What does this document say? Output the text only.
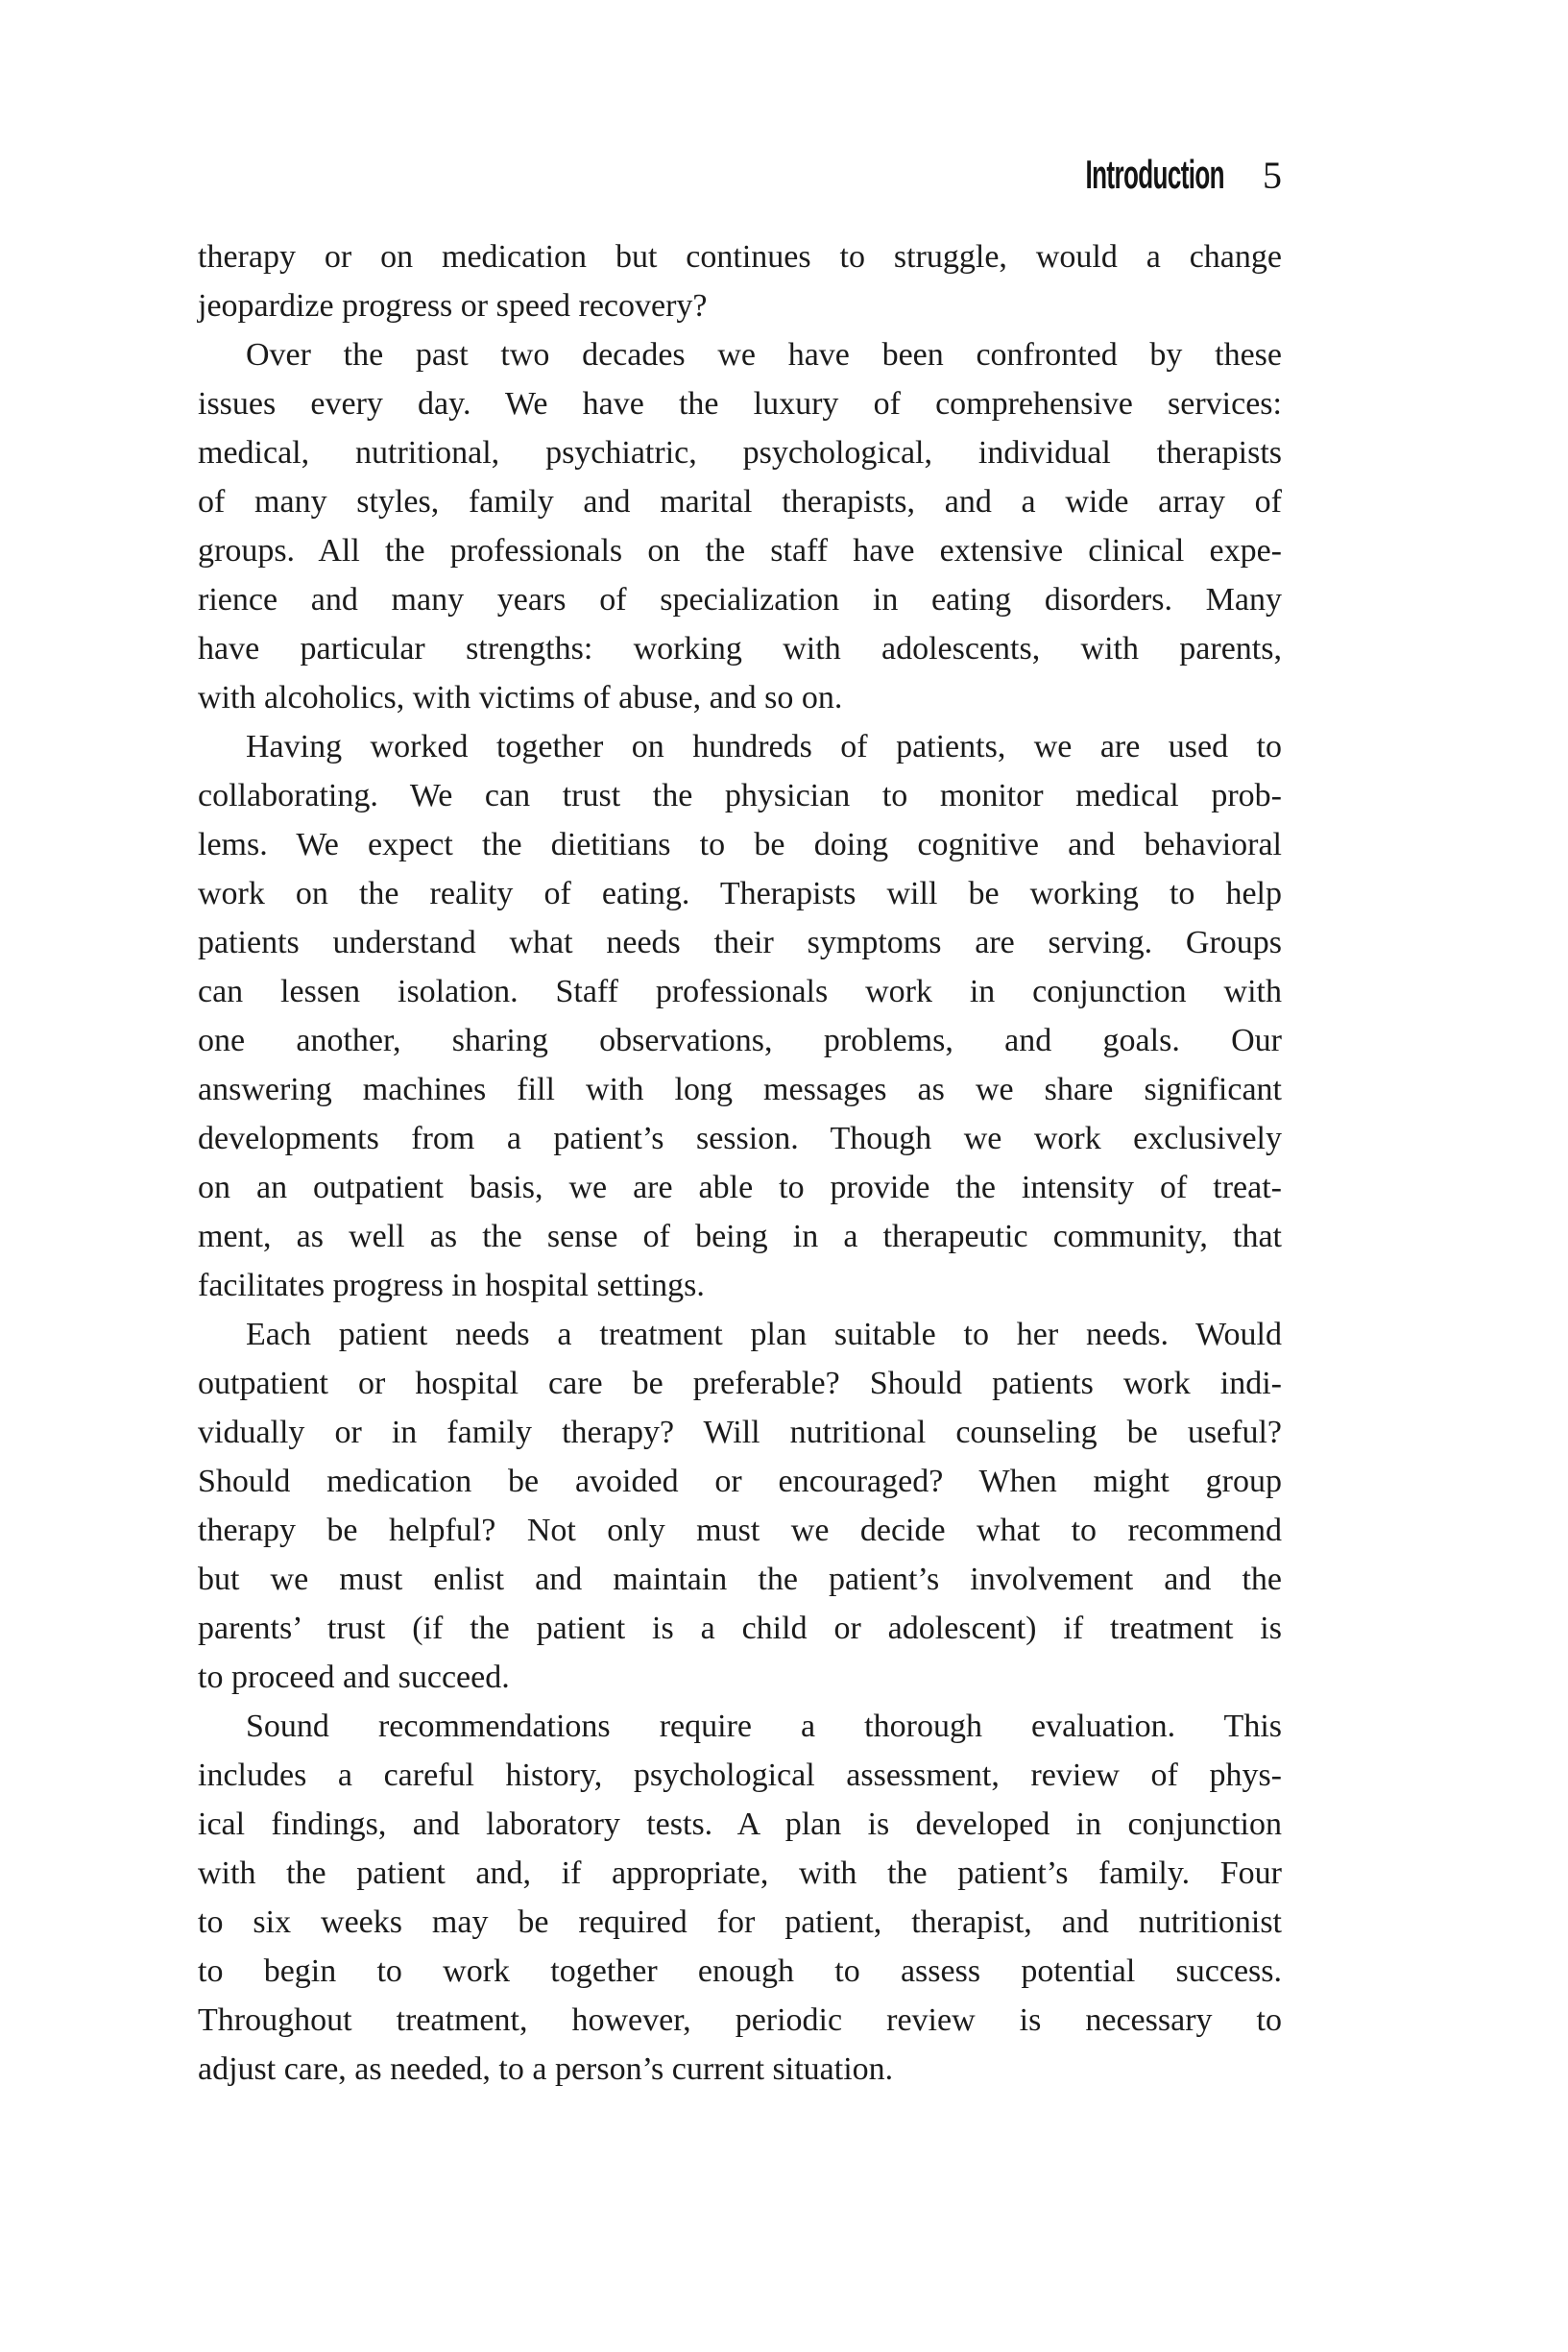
Introduction 5
therapy or on medication but continues to struggle, would a change
jeopardize progress or speed recovery?
Over the past two decades we have been confronted by these
issues every day. We have the luxury of comprehensive services:
medical, nutritional, psychiatric, psychological, individual therapists
of many styles, family and marital therapists, and a wide array of
groups. All the professionals on the staff have extensive clinical expe-
rience and many years of specialization in eating disorders. Many
have particular strengths: working with adolescents, with parents,
with alcoholics, with victims of abuse, and so on.
Having worked together on hundreds of patients, we are used to
collaborating. We can trust the physician to monitor medical prob-
lems. We expect the dietitians to be doing cognitive and behavioral
work on the reality of eating. Therapists will be working to help
patients understand what needs their symptoms are serving. Groups
can lessen isolation. Staff professionals work in conjunction with
one another, sharing observations, problems, and goals. Our
answering machines fill with long messages as we share significant
developments from a patient’s session. Though we work exclusively
on an outpatient basis, we are able to provide the intensity of treat-
ment, as well as the sense of being in a therapeutic community, that
facilitates progress in hospital settings.
Each patient needs a treatment plan suitable to her needs. Would
outpatient or hospital care be preferable? Should patients work indi-
vidually or in family therapy? Will nutritional counseling be useful?
Should medication be avoided or encouraged? When might group
therapy be helpful? Not only must we decide what to recommend
but we must enlist and maintain the patient’s involvement and the
parents’ trust (if the patient is a child or adolescent) if treatment is
to proceed and succeed.
Sound recommendations require a thorough evaluation. This
includes a careful history, psychological assessment, review of phys-
ical findings, and laboratory tests. A plan is developed in conjunction
with the patient and, if appropriate, with the patient’s family. Four
to six weeks may be required for patient, therapist, and nutritionist
to begin to work together enough to assess potential success.
Throughout treatment, however, periodic review is necessary to
adjust care, as needed, to a person’s current situation.
